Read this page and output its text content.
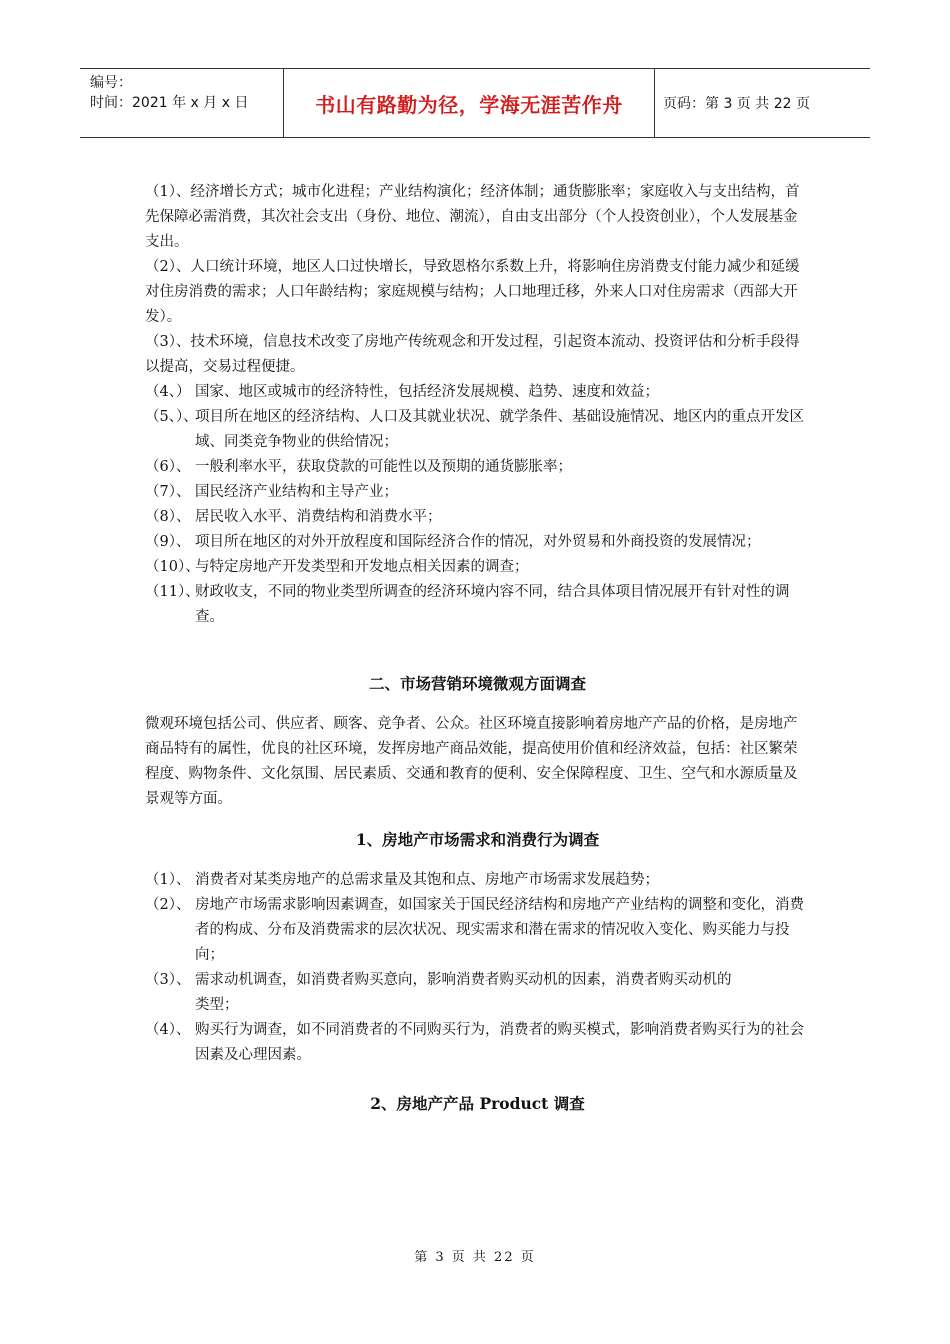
编号：
时间：2021 年 x 月 x 日	书山有路勤为径，学海无涯苦作舟	页码：第 3 页 共 22 页
（1）、经济增长方式；城市化进程；产业结构演化；经济体制；通货膨胀率；家庭收入与支出结构，首先保障必需消费，其次社会支出（身份、地位、潮流），自由支出部分（个人投资创业），个人发展基金支出。
（2）、人口统计环境，地区人口过快增长，导致恩格尔系数上升，将影响住房消费支付能力减少和延缓对住房消费的需求；人口年龄结构；家庭规模与结构；人口地理迁移，外来人口对住房需求（西部大开发）。
（3）、技术环境，信息技术改变了房地产传统观念和开发过程，引起资本流动、投资评估和分析手段得以提高，交易过程便捷。
（4、） 国家、地区或城市的经济特性，包括经济发展规模、趋势、速度和效益；
（5、）、
项目所在地区的经济结构、人口及其就业状况、就学条件、基础设施情况、地区内的重点开发区域、同类竞争物业的供给情况；
（6）、 一般利率水平，获取贷款的可能性以及预期的通货膨胀率；
（7）、 国民经济产业结构和主导产业；
（8）、 居民收入水平、消费结构和消费水平；
（9）、 项目所在地区的对外开放程度和国际经济合作的情况，对外贸易和外商投资的发展情况；
（10）、
与特定房地产开发类型和开发地点相关因素的调查；
（11）、
财政收支，不同的物业类型所调查的经济环境内容不同，结合具体项目情况展开有针对性的调查。
二、市场营销环境微观方面调查
微观环境包括公司、供应者、顾客、竞争者、公众。社区环境直接影响着房地产产品的价格，是房地产商品特有的属性，优良的社区环境，发挥房地产商品效能，提高使用价值和经济效益，包括：社区繁荣程度、购物条件、文化氛围、居民素质、交通和教育的便利、安全保障程度、卫生、空气和水源质量及景观等方面。
1、房地产市场需求和消费行为调查
（1）、 消费者对某类房地产的总需求量及其饱和点、房地产市场需求发展趋势；
（2）、 房地产市场需求影响因素调查，如国家关于国民经济结构和房地产产业结构的调整和变化，消费者的构成、分布及消费需求的层次状况、现实需求和潜在需求的情况收入变化、购买能力与投向；
（3）、 需求动机调查，如消费者购买意向，影响消费者购买动机的因素，消费者购买动机的
类型；
（4）、 购买行为调查，如不同消费者的不同购买行为，消费者的购买模式，影响消费者购买行为的社会因素及心理因素。
2、房地产产品 Product 调查
第 3 页 共 22 页
